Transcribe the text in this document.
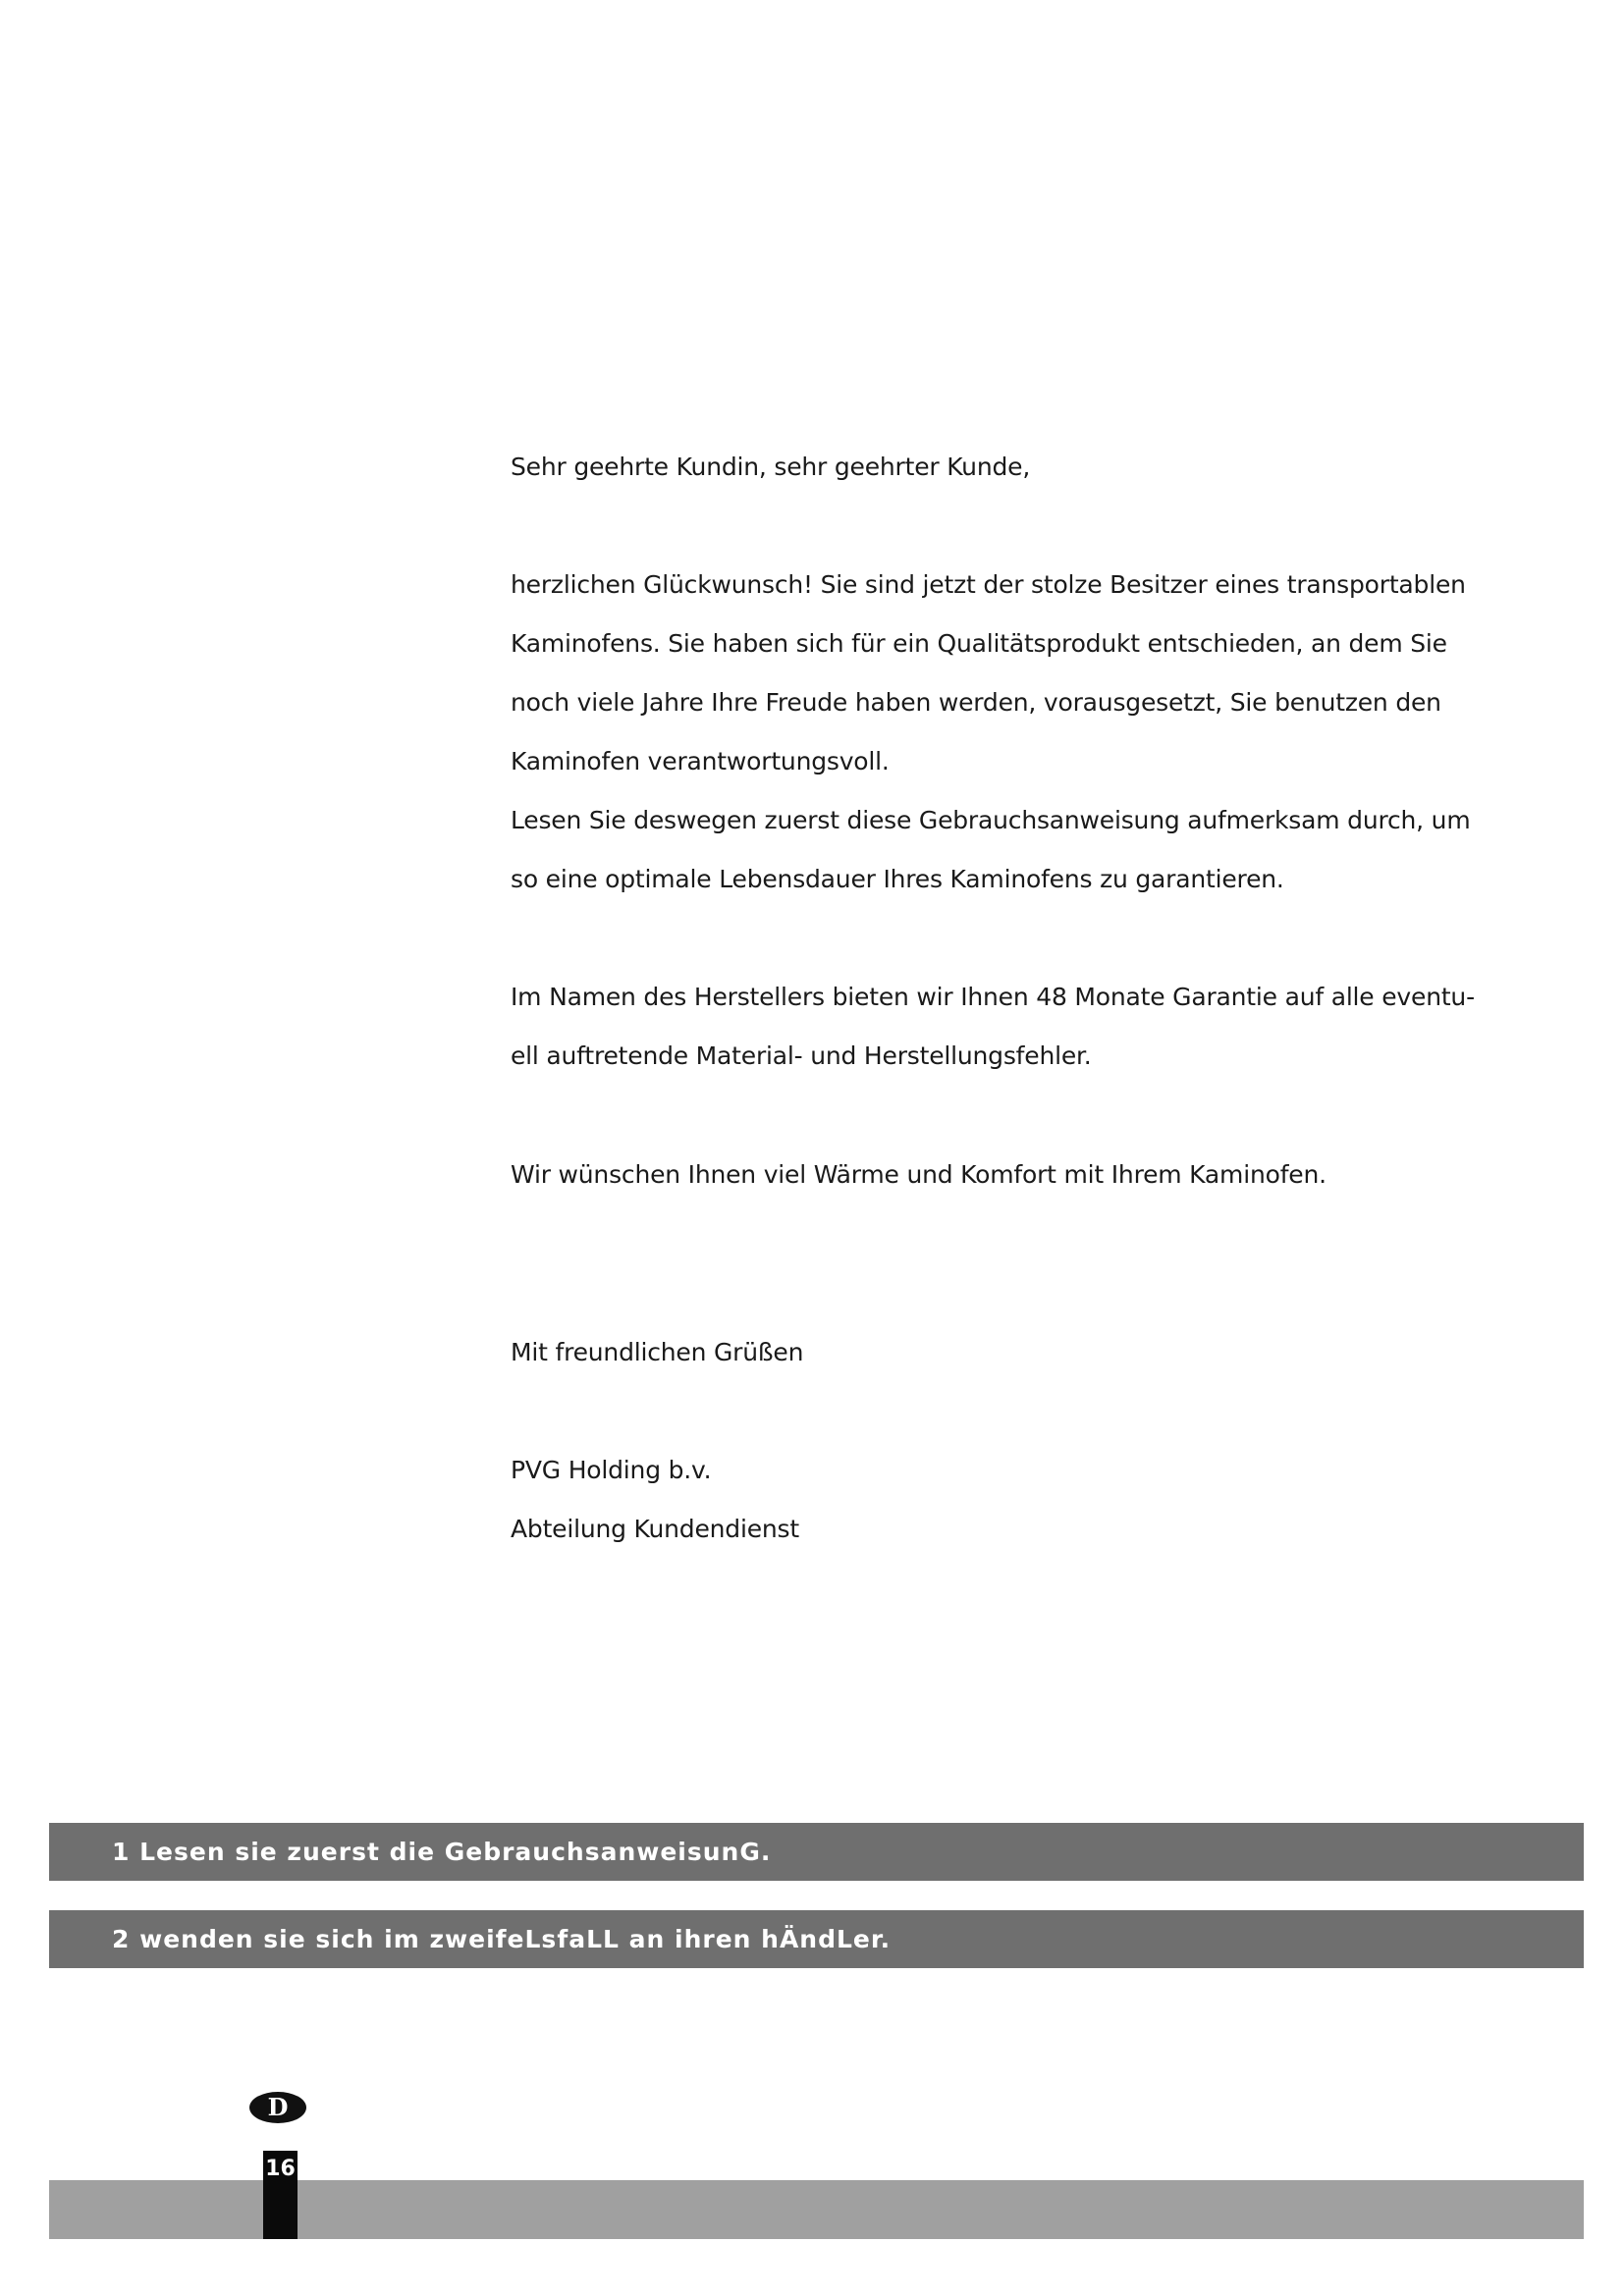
Sehr geehrte Kundin, sehr geehrter Kunde,
herzlichen Glückwunsch! Sie sind jetzt der stolze Besitzer eines transportablen
Kaminofens. Sie haben sich für ein Qualitätsprodukt entschieden, an dem Sie
noch viele Jahre Ihre Freude haben werden, vorausgesetzt, Sie benutzen den
Kaminofen verantwortungsvoll.
Lesen Sie deswegen zuerst diese Gebrauchsanweisung aufmerksam durch, um
so eine optimale Lebensdauer Ihres Kaminofens zu garantieren.
Im Namen des Herstellers bieten wir Ihnen 48 Monate Garantie auf alle eventu-
ell auftretende Material- und Herstellungsfehler.
Wir wünschen Ihnen viel Wärme und Komfort mit Ihrem Kaminofen.
Mit freundlichen Grüßen
PVG Holding b.v.
Abteilung Kundendienst
1 Lesen sie zuerst die GebrauchsanweisunG.
2 wenden sie sich im zweifeLsfaLL an ihren hÄndLer.
D
16
